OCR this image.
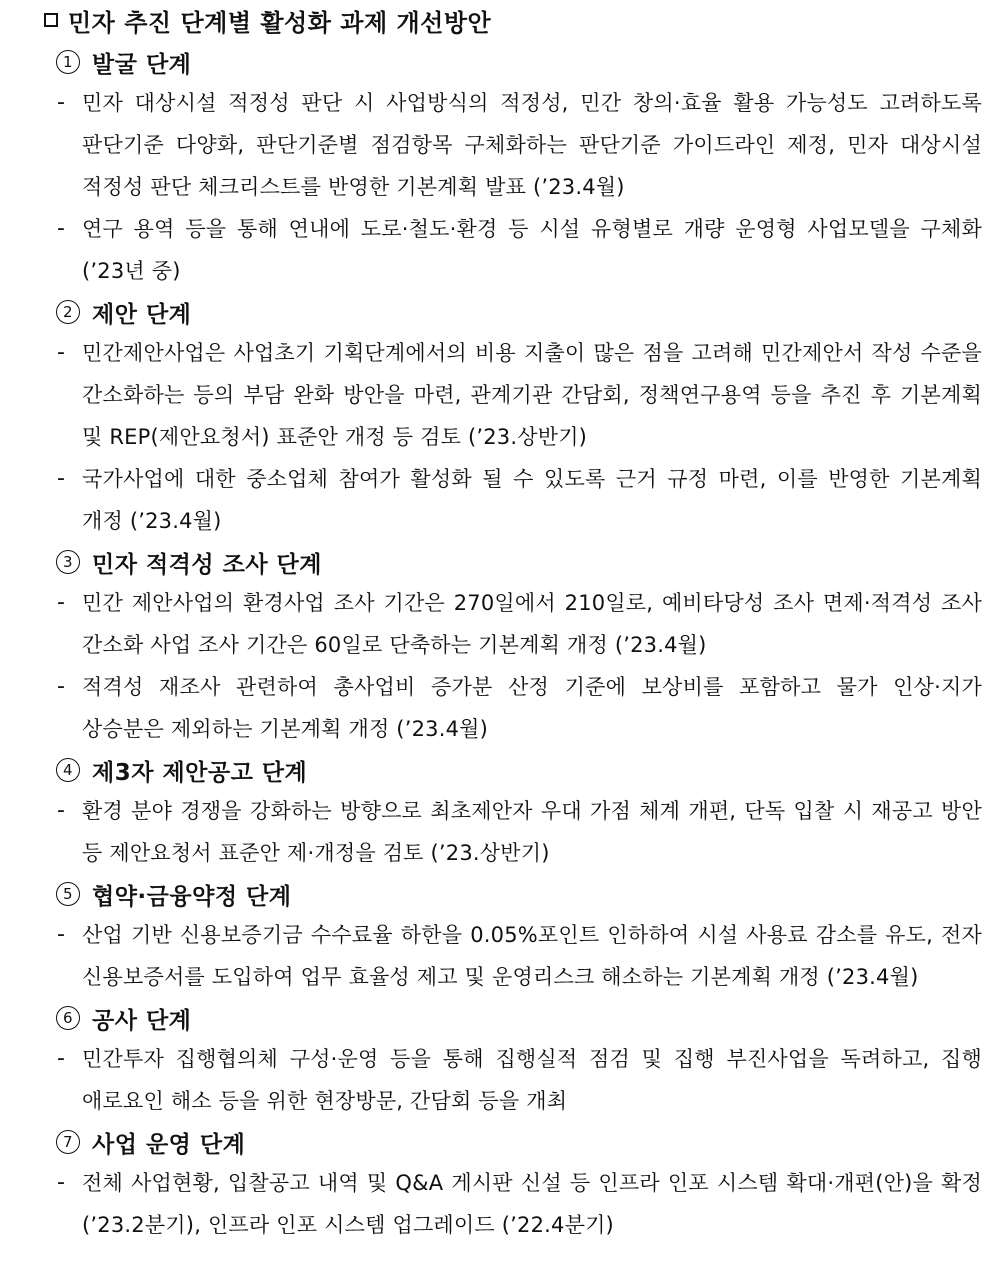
민자 추진 단계별 활성화 과제 개선방안
1 발굴 단계
- 민자 대상시설 적정성 판단 시 사업방식의 적정성, 민간 창의·효율 활용 가능성도 고려하도록 판단기준 다양화, 판단기준별 점검항목 구체화하는 판단기준 가이드라인 제정, 민자 대상시설 적정성 판단 체크리스트를 반영한 기본계획 발표 (’23.4월)
- 연구 용역 등을 통해 연내에 도로·철도·환경 등 시설 유형별로 개량 운영형 사업모델을 구체화 (’23년 중)
2 제안 단계
- 민간제안사업은 사업초기 기획단계에서의 비용 지출이 많은 점을 고려해 민간제안서 작성 수준을 간소화하는 등의 부담 완화 방안을 마련, 관계기관 간담회, 정책연구용역 등을 추진 후 기본계획 및 REP(제안요청서) 표준안 개정 등 검토 (’23.상반기)
- 국가사업에 대한 중소업체 참여가 활성화 될 수 있도록 근거 규정 마련, 이를 반영한 기본계획 개정 (’23.4월)
3 민자 적격성 조사 단계
- 민간 제안사업의 환경사업 조사 기간은 270일에서 210일로, 예비타당성 조사 면제·적격성 조사 간소화 사업 조사 기간은 60일로 단축하는 기본계획 개정 (’23.4월)
- 적격성 재조사 관련하여 총사업비 증가분 산정 기준에 보상비를 포함하고 물가 인상·지가 상승분은 제외하는 기본계획 개정 (’23.4월)
4 제3자 제안공고 단계
- 환경 분야 경쟁을 강화하는 방향으로 최초제안자 우대 가점 체계 개편, 단독 입찰 시 재공고 방안 등 제안요청서 표준안 제·개정을 검토 (’23.상반기)
5 협약·금융약정 단계
- 산업 기반 신용보증기금 수수료율 하한을 0.05%포인트 인하하여 시설 사용료 감소를 유도, 전자 신용보증서를 도입하여 업무 효율성 제고 및 운영리스크 해소하는 기본계획 개정 (’23.4월)
6 공사 단계
- 민간투자 집행협의체 구성·운영 등을 통해 집행실적 점검 및 집행 부진사업을 독려하고, 집행 애로요인 해소 등을 위한 현장방문, 간담회 등을 개최
7 사업 운영 단계
- 전체 사업현황, 입찰공고 내역 및 Q&A 게시판 신설 등 인프라 인포 시스템 확대·개편(안)을 확정(’23.2분기), 인프라 인포 시스템 업그레이드 (’22.4분기)
